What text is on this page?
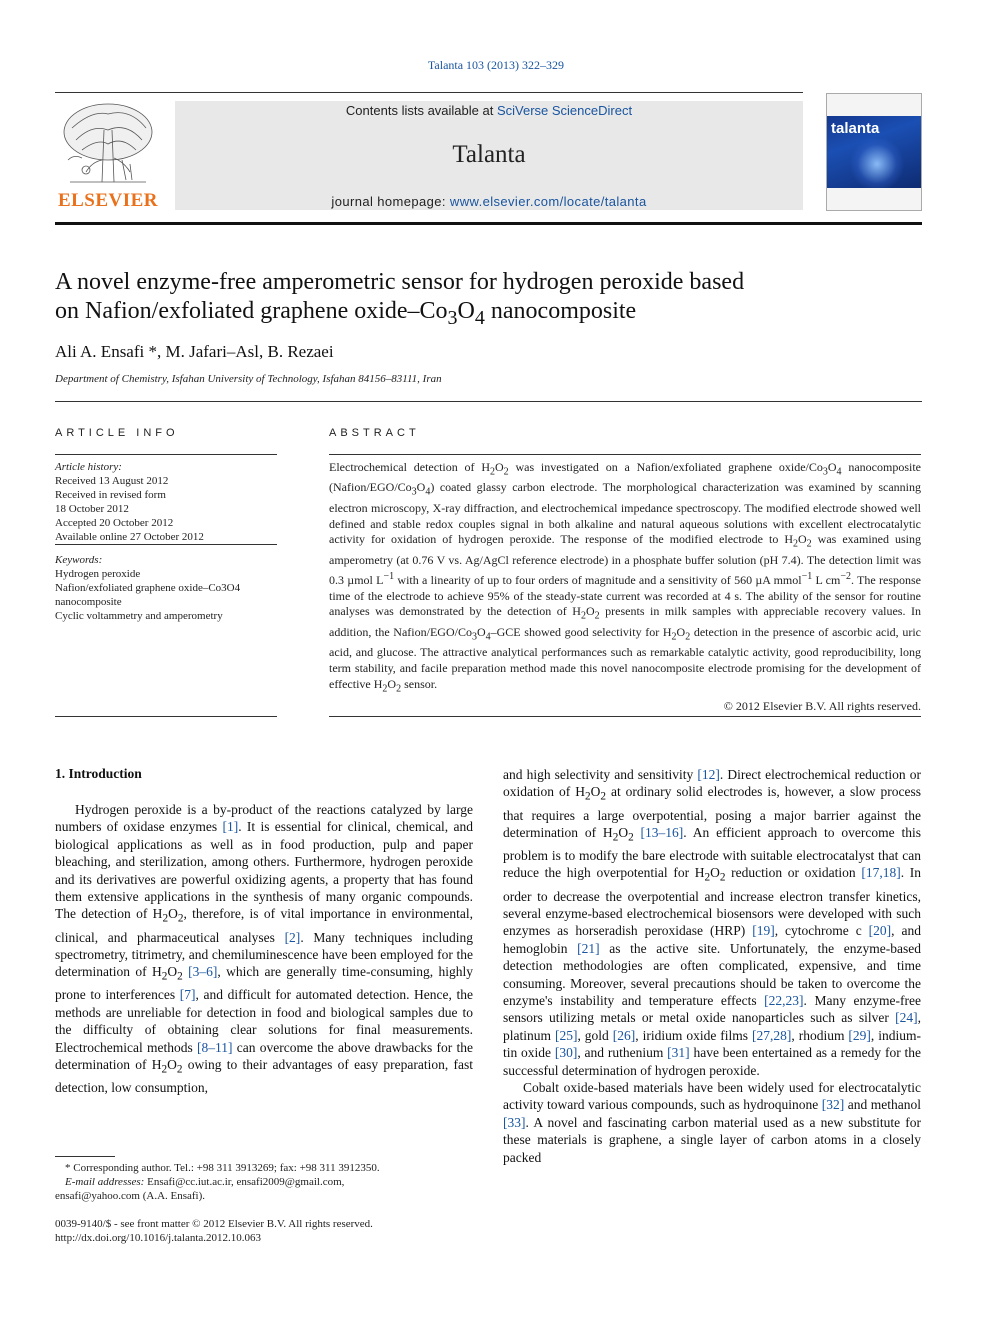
Talanta 103 (2013) 322–329
ELSEVIER
Contents lists available at SciVerse ScienceDirect
Talanta
journal homepage: www.elsevier.com/locate/talanta
talanta
A novel enzyme-free amperometric sensor for hydrogen peroxide based
on Nafion/exfoliated graphene oxide–$Co_3O_4$ nanocomposite
Ali A. Ensafi *, M. Jafari–Asl, B. Rezaei
Department of Chemistry, Isfahan University of Technology, Isfahan 84156–83111, Iran
ARTICLE INFO
Article history:
Received 13 August 2012
Received in revised form
18 October 2012
Accepted 20 October 2012
Available online 27 October 2012
Keywords:
Hydrogen peroxide
Nafion/exfoliated graphene oxide–Co3O4
nanocomposite
Cyclic voltammetry and amperometry
ABSTRACT
Electrochemical detection of $H_2O_2$ was investigated on a Nafion/exfoliated graphene oxide/$Co_3O_4$ nanocomposite $(Nafion/EGO/Co_3O_4)$ coated glassy carbon electrode. The morphological characterization was examined by scanning electron microscopy, X-ray diffraction, and electrochemical impedance spectroscopy. The modified electrode showed well defined and stable redox couples signal in both alkaline and natural aqueous solutions with excellent electrocatalytic activity for oxidation of hydrogen peroxide. The response of the modified electrode to $H_2O_2$ was examined using amperometry (at 0.76 V vs. Ag/AgCl reference electrode) in a phosphate buffer solution (pH 7.4). The detection limit was 0.3 µmol $L^{-1}$ with a linearity of up to four orders of magnitude and a sensitivity of 560 µA mmol$^{-1}$ L $cm^{-2}$. The response time of the electrode to achieve 95% of the steady-state current was recorded at 4 s. The ability of the sensor for routine analyses was demonstrated by the detection of $H_2O_2$ presents in milk samples with appreciable recovery values. In addition, the Nafion/$EGO/Co_3O_4$–GCE showed good selectivity for $H_2O_2$ detection in the presence of ascorbic acid, uric acid, and glucose. The attractive analytical performances such as remarkable catalytic activity, good reproducibility, long term stability, and facile preparation method made this novel nanocomposite electrode promising for the development of effective $H_2O_2$ sensor.
© 2012 Elsevier B.V. All rights reserved.
1. Introduction

Hydrogen peroxide is a by-product of the reactions catalyzed by large numbers of oxidase enzymes [1]. It is essential for clinical, chemical, and biological applications as well as in food production, pulp and paper bleaching, and sterilization, among others. Furthermore, hydrogen peroxide and its derivatives are powerful oxidizing agents, a property that has found them extensive applications in the synthesis of many organic compounds. The detection of $H_2O_2$, therefore, is of vital importance in environmental, clinical, and pharmaceutical analyses [2]. Many techniques including spectrometry, titrimetry, and chemiluminescence have been employed for the determination of $H_2O_2$ [3–6], which are generally time-consuming, highly prone to interferences [7], and difficult for automated detection. Hence, the methods are unreliable for detection in food and biological samples due to the difficulty of obtaining clear solutions for final measurements. Electrochemical methods [8–11] can overcome the above drawbacks for the determination of $H_2O_2$ owing to their advantages of easy preparation, fast detection, low consumption,

and high selectivity and sensitivity [12]. Direct electrochemical reduction or oxidation of $H_2O_2$ at ordinary solid electrodes is, however, a slow process that requires a large overpotential, posing a major barrier against the determination of $H_2O_2$ [13–16]. An efficient approach to overcome this problem is to modify the bare electrode with suitable electrocatalyst that can reduce the high overpotential for $H_2O_2$ reduction or oxidation [17,18]. In order to decrease the overpotential and increase electron transfer kinetics, several enzyme-based electrochemical biosensors were developed with such enzymes as horseradish peroxidase (HRP) [19], cytochrome c [20], and hemoglobin [21] as the active site. Unfortunately, the enzyme-based detection methodologies are often complicated, expensive, and time consuming. Moreover, several precautions should be taken to overcome the enzyme's instability and temperature effects [22,23]. Many enzyme-free sensors utilizing metals or metal oxide nanoparticles such as silver [24], platinum [25], gold [26], iridium oxide films [27,28], rhodium [29], indium-tin oxide [30], and ruthenium [31] have been entertained as a remedy for the successful determination of hydrogen peroxide.

Cobalt oxide-based materials have been widely used for electrocatalytic activity toward various compounds, such as hydroquinone [32] and methanol [33]. A novel and fascinating carbon material used as a new substitute for these materials is graphene, a single layer of carbon atoms in a closely packed

* Corresponding author. Tel.: +98 311 3913269; fax: +98 311 3912350.
E-mail addresses: Ensafi@cc.iut.ac.ir, ensafi2009@gmail.com,
ensafi@yahoo.com (A.A. Ensafi).
0039-9140/$ - see front matter © 2012 Elsevier B.V. All rights reserved.
http://dx.doi.org/10.1016/j.talanta.2012.10.063
